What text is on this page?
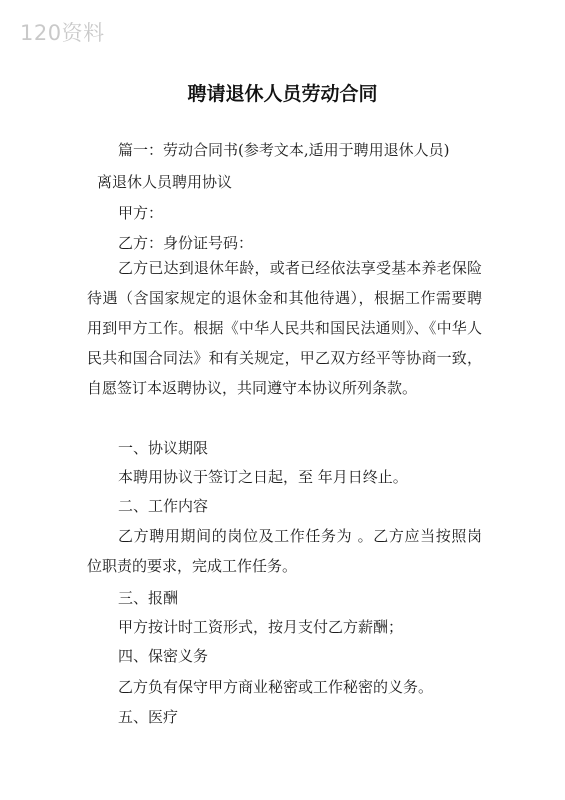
120资料
聘请退休人员劳动合同
篇一：劳动合同书(参考文本,适用于聘用退休人员)
离退休人员聘用协议
甲方：
乙方：身份证号码：
乙方已达到退休年龄，或者已经依法享受基本养老保险待遇（含国家规定的退休金和其他待遇），根据工作需要聘用到甲方工作。根据《中华人民共和国民法通则》、《中华人民共和国合同法》和有关规定，甲乙双方经平等协商一致，自愿签订本返聘协议，共同遵守本协议所列条款。
一、协议期限
本聘用协议于签订之日起，至 年月日终止。
二、工作内容
乙方聘用期间的岗位及工作任务为 。乙方应当按照岗位职责的要求，完成工作任务。
三、报酬
甲方按计时工资形式，按月支付乙方薪酬；
四、保密义务
乙方负有保守甲方商业秘密或工作秘密的义务。
五、医疗
